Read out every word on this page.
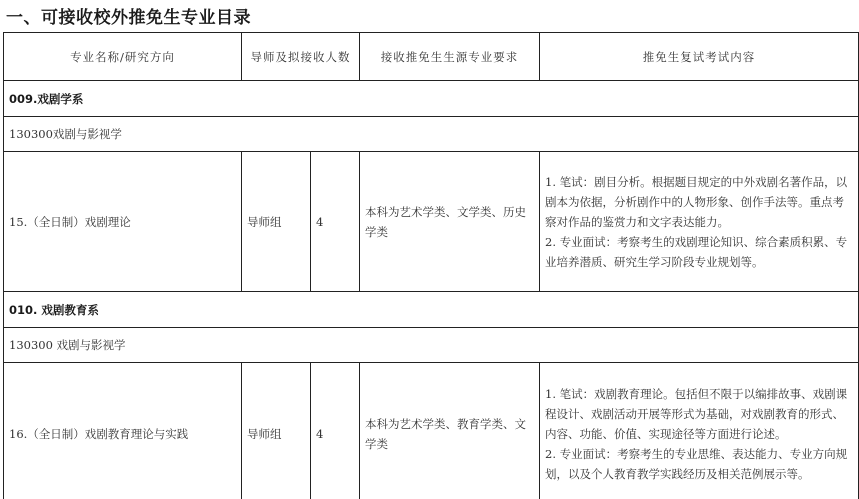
一、可接收校外推免生专业目录
专业名称/研究方向	导师及拟接收人数		接收推免生生源专业要求	推免生复试考试内容
009.戏剧学系				
130300戏剧与影视学				
15.（全日制）戏剧理论	导师组	4	本科为艺术学类、文学类、历史
学类	1. 笔试：剧目分析。根据题目规定的中外戏剧名著作品，以
剧本为依据，分析剧作中的人物形象、创作手法等。重点考
察对作品的鉴赏力和文字表达能力。
2. 专业面试：考察考生的戏剧理论知识、综合素质积累、专
业培养潜质、研究生学习阶段专业规划等。

010. 戏剧教育系				
130300 戏剧与影视学				
16.（全日制）戏剧教育理论与实践	导师组	4	本科为艺术学类、教育学类、文
学类	1. 笔试：戏剧教育理论。包括但不限于以编排故事、戏剧课
程设计、戏剧活动开展等形式为基础，对戏剧教育的形式、
内容、功能、价值、实现途径等方面进行论述。
2. 专业面试：考察考生的专业思维、表达能力、专业方向规
划，以及个人教育教学实践经历及相关范例展示等。
